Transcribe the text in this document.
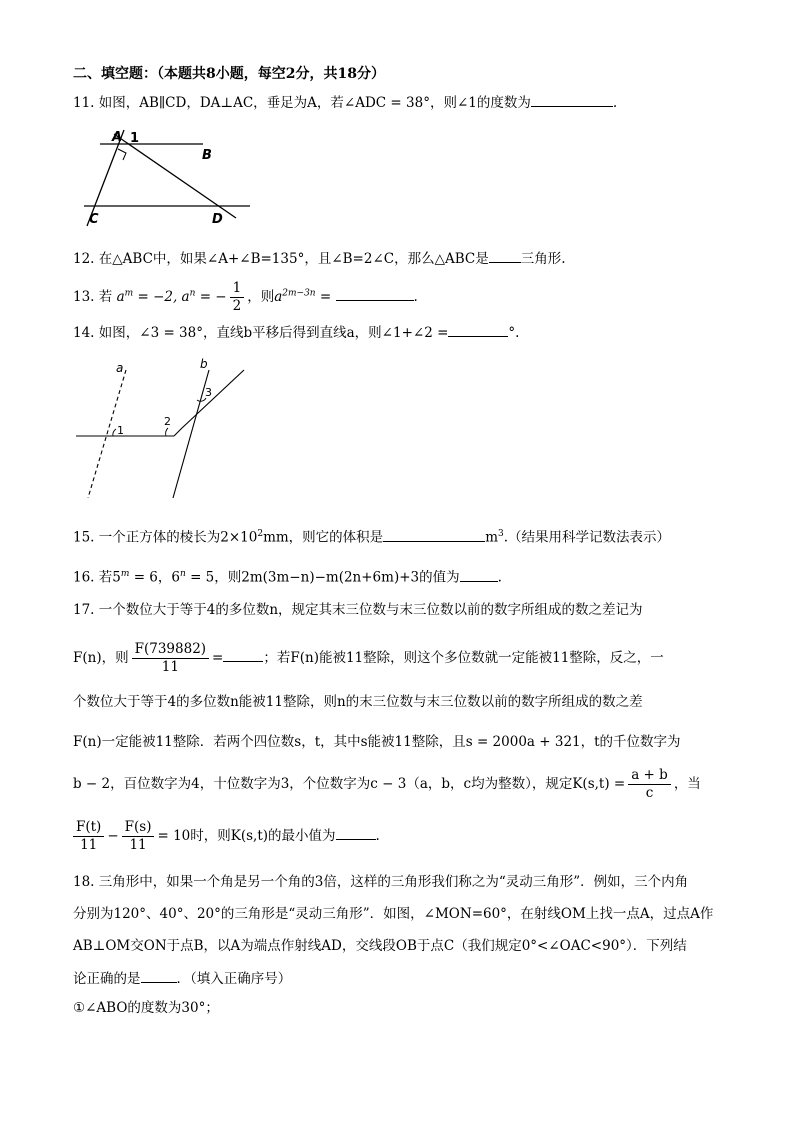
二、填空题：（本题共8小题，每空2分，共18分）
11. 如图，AB∥CD，DA⊥AC，垂足为A，若∠ADC = 38°，则∠1的度数为	.
A 1
B
C	D
12. 在△ABC中，如果∠A+∠B=135°，且∠B=2∠C，那么△ABC是 三角形.
13. 若 $a^m = -2$, $a^n$ = − $\frac{1}{2}$ ，则$a^{2m-3n}$ =	.
14. 如图，∠3 = 38°，直线b平移后得到直线a，则∠1+∠2 =	°.
a	b
1
2
3
15. 一个正方体的棱长为$2\times 10^2mm$，则它的体积是	$m^3$.（结果用科学记数法表示）
16. 若$5^m = 6$，$6^n = 5$，则2m(3m−n)−m(2n+6m)+3的值为	.
17. 一个数位大于等于4的多位数n，规定其末三位数与末三位数以前的数字所组成的数之差记为
F(n)，则 $\frac{F(739882)}{11}$ =	；若F(n)能被11整除，则这个多位数就一定能被11整除，反之，一
个数位大于等于4的多位数n能被11整除，则n的末三位数与末三位数以前的数字所组成的数之差
F(n)一定能被11整除．若两个四位数s，t，其中s能被11整除，且s = 2000a + 321，t的千位数字为
b − 2，百位数字为4，十位数字为3，个位数字为c − 3（a，b，c均为整数），规定$K(s,t) = \frac{a + b}{c}$ ，当
$\frac{F(t)}{11} - \frac{F(s)}{11} = 10$时，则K(s,t)的最小值为	.
18. 三角形中，如果一个角是另一个角的3倍，这样的三角形我们称之为“灵动三角形”．例如，三个内角
分别为120°、40°、20°的三角形是“灵动三角形”．如图，∠MON=60°，在射线OM上找一点A，过点A作
AB⊥OM交ON于点B，以A为端点作射线AD，交线段OB于点C（我们规定0°<∠OAC<90°）．下列结
论正确的是	．（填入正确序号）
①∠ABO的度数为30°；
